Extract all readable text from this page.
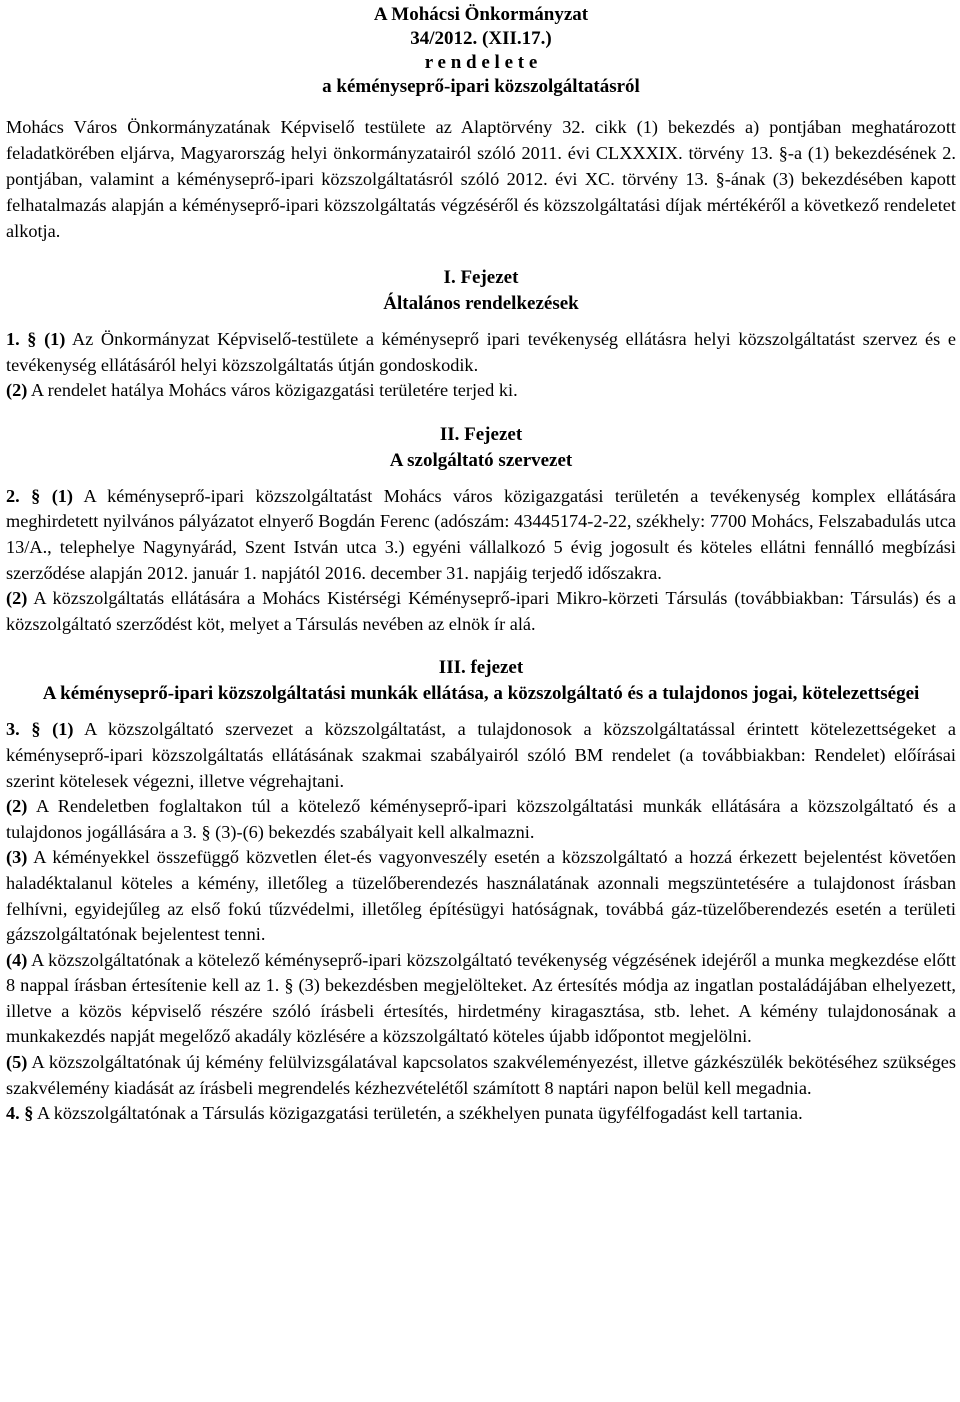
A Mohácsi Önkormányzat
34/2012. (XII.17.)
r e n d e l e t e
a kéményseprő-ipari közszolgáltatásról
Mohács Város Önkormányzatának Képviselő testülete az Alaptörvény 32. cikk (1) bekezdés a) pontjában meghatározott feladatkörében eljárva, Magyarország helyi önkormányzatairól szóló 2011. évi CLXXXIX. törvény 13. §-a (1) bekezdésének 2. pontjában, valamint a kéményseprő-ipari közszolgáltatásról szóló 2012. évi XC. törvény 13. §-ának (3) bekezdésében kapott felhatalmazás alapján a kéményseprő-ipari közszolgáltatás végzéséről és közszolgáltatási díjak mértékéről a következő rendeletet alkotja.
I. Fejezet
Általános rendelkezések
1. § (1) Az Önkormányzat Képviselő-testülete a kéményseprő ipari tevékenység ellátásra helyi közszolgáltatást szervez és e tevékenység ellátásáról helyi közszolgáltatás útján gondoskodik.
(2) A rendelet hatálya Mohács város közigazgatási területére terjed ki.
II. Fejezet
A szolgáltató szervezet
2. § (1) A kéményseprő-ipari közszolgáltatást Mohács város közigazgatási területén a tevékenység komplex ellátására meghirdetett nyilvános pályázatot elnyerő Bogdán Ferenc (adószám: 43445174-2-22, székhely: 7700 Mohács, Felszabadulás utca 13/A., telephelye Nagynyárád, Szent István utca 3.) egyéni vállalkozó 5 évig jogosult és köteles ellátni fennálló megbízási szerződése alapján 2012. január 1. napjától 2016. december 31. napjáig terjedő időszakra.
(2) A közszolgáltatás ellátására a Mohács Kistérségi Kéményseprő-ipari Mikro-körzeti Társulás (továbbiakban: Társulás) és a közszolgáltató szerződést köt, melyet a Társulás nevében az elnök ír alá.
III. fejezet
A kéményseprő-ipari közszolgáltatási munkák ellátása, a közszolgáltató és a tulajdonos jogai, kötelezettségei
3. § (1) A közszolgáltató szervezet a közszolgáltatást, a tulajdonosok a közszolgáltatással érintett kötelezettségeket a kéményseprő-ipari közszolgáltatás ellátásának szakmai szabályairól szóló BM rendelet (a továbbiakban: Rendelet) előírásai szerint kötelesek végezni, illetve végrehajtani.
(2) A Rendeletben foglaltakon túl a kötelező kéményseprő-ipari közszolgáltatási munkák ellátására a közszolgáltató és a tulajdonos jogállására a 3. § (3)-(6) bekezdés szabályait kell alkalmazni.
(3) A kéményekkel összefüggő közvetlen élet-és vagyonveszély esetén a közszolgáltató a hozzá érkezett bejelentést követően haladéktalanul köteles a kémény, illetőleg a tüzelőberendezés használatának azonnali megszüntetésére a tulajdonost írásban felhívni, egyidejűleg az első fokú tűzvédelmi, illetőleg építésügyi hatóságnak, továbbá gáz-tüzelőberendezés esetén a területi gázszolgáltatónak bejelentest tenni.
(4) A közszolgáltatónak a kötelező kéményseprő-ipari közszolgáltató tevékenység végzésének idejéről a munka megkezdése előtt 8 nappal írásban értesítenie kell az 1. § (3) bekezdésben megjelölteket. Az értesítés módja az ingatlan postaládájában elhelyezett, illetve a közös képviselő részére szóló írásbeli értesítés, hirdetmény kiragasztása, stb. lehet. A kémény tulajdonosának a munkakezdés napját megelőző akadály közlésére a közszolgáltató köteles újabb időpontot megjelölni.
(5) A közszolgáltatónak új kémény felülvizsgálatával kapcsolatos szakvéleményezést, illetve gázkészülék bekötéséhez szükséges szakvélemény kiadását az írásbeli megrendelés kézhezvételétől számított 8 naptári napon belül kell megadnia.
4. § A közszolgáltatónak a Társulás közigazgatási területén, a székhelyen punata ügyfélfogadást kell tartania.
